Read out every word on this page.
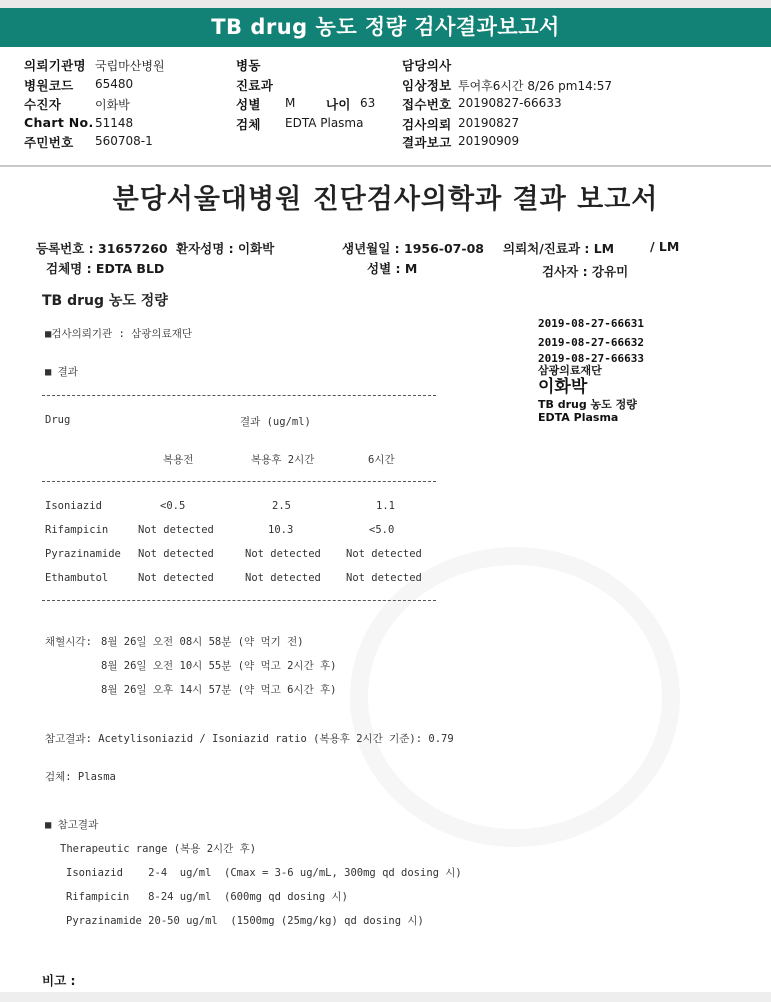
TB drug 농도 정량 검사결과보고서
의뢰기관명 국립마산병원
병원코드 65480
수진자	이화박
Chart No. 51148
주민번호 560708-1
병동
진료과
성별 M 나이 63
검체 EDTA Plasma
담당의사
임상정보 투여후6시간 8/26 pm14:57
접수번호 20190827-66633
검사의뢰 20190827
결과보고 20190909
분당서울대병원 진단검사의학과 결과 보고서
등록번호 : 31657260 환자성명 : 이화박	생년월일 : 1956-07-08 의뢰처/진료과 : LM	/ LM
검체명 : EDTA BLD	성별 : M	검사자 : 강유미
TB drug 농도 정량
■검사의뢰기관 : 삼광의료재단
■ 결과
Drug	결과 (ug/ml)
복용전	복용후 2시간	6시간
Isoniazid	<0.5	2.5	1.1
Rifampicin	Not detected	10.3	<5.0
Pyrazinamide Not detected	Not detected Not detected
Ethambutol	Not detected	Not detected Not detected
채혈시각: 8월 26일 오전 08시 58분 (약 먹기 전)
8월 26일 오전 10시 55분 (약 먹고 2시간 후)
8월 26일 오후 14시 57분 (약 먹고 6시간 후)
참고결과: Acetylisoniazid / Isoniazid ratio (복용후 2시간 기준): 0.79
검체: Plasma
■ 참고결과
Therapeutic range (복용 2시간 후)
Isoniazid    2-4  ug/ml  (Cmax = 3-6 ug/mL, 300mg qd dosing 시)
Rifampicin   8-24 ug/ml  (600mg qd dosing 시)
Pyrazinamide 20-50 ug/ml  (1500mg (25mg/kg) qd dosing 시)
비고 :
2019-08-27-66631
2019-08-27-66632
2019-08-27-66633
삼광의료재단
이화박
TB drug 농도 정량
EDTA Plasma
